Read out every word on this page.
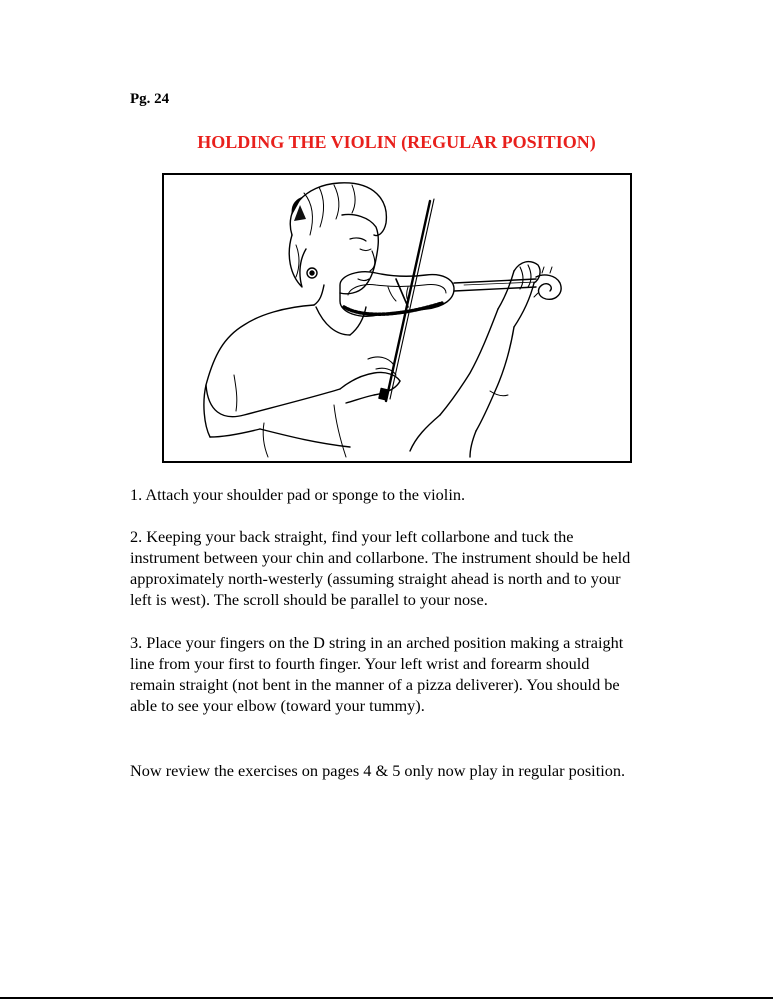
Pg. 24
HOLDING THE VIOLIN (REGULAR POSITION)
1. Attach your shoulder pad or sponge to the violin.
2. Keeping your back straight, find your left collarbone and tuck the
instrument between your chin and collarbone. The instrument should be held
approximately north-westerly (assuming straight ahead is north and to your
left is west). The scroll should be parallel to your nose.
3. Place your fingers on the D string in an arched position making a straight
line from your first to fourth finger. Your left wrist and forearm should
remain straight (not bent in the manner of a pizza deliverer). You should be
able to see your elbow (toward your tummy).
Now review the exercises on pages 4 & 5 only now play in regular position.
